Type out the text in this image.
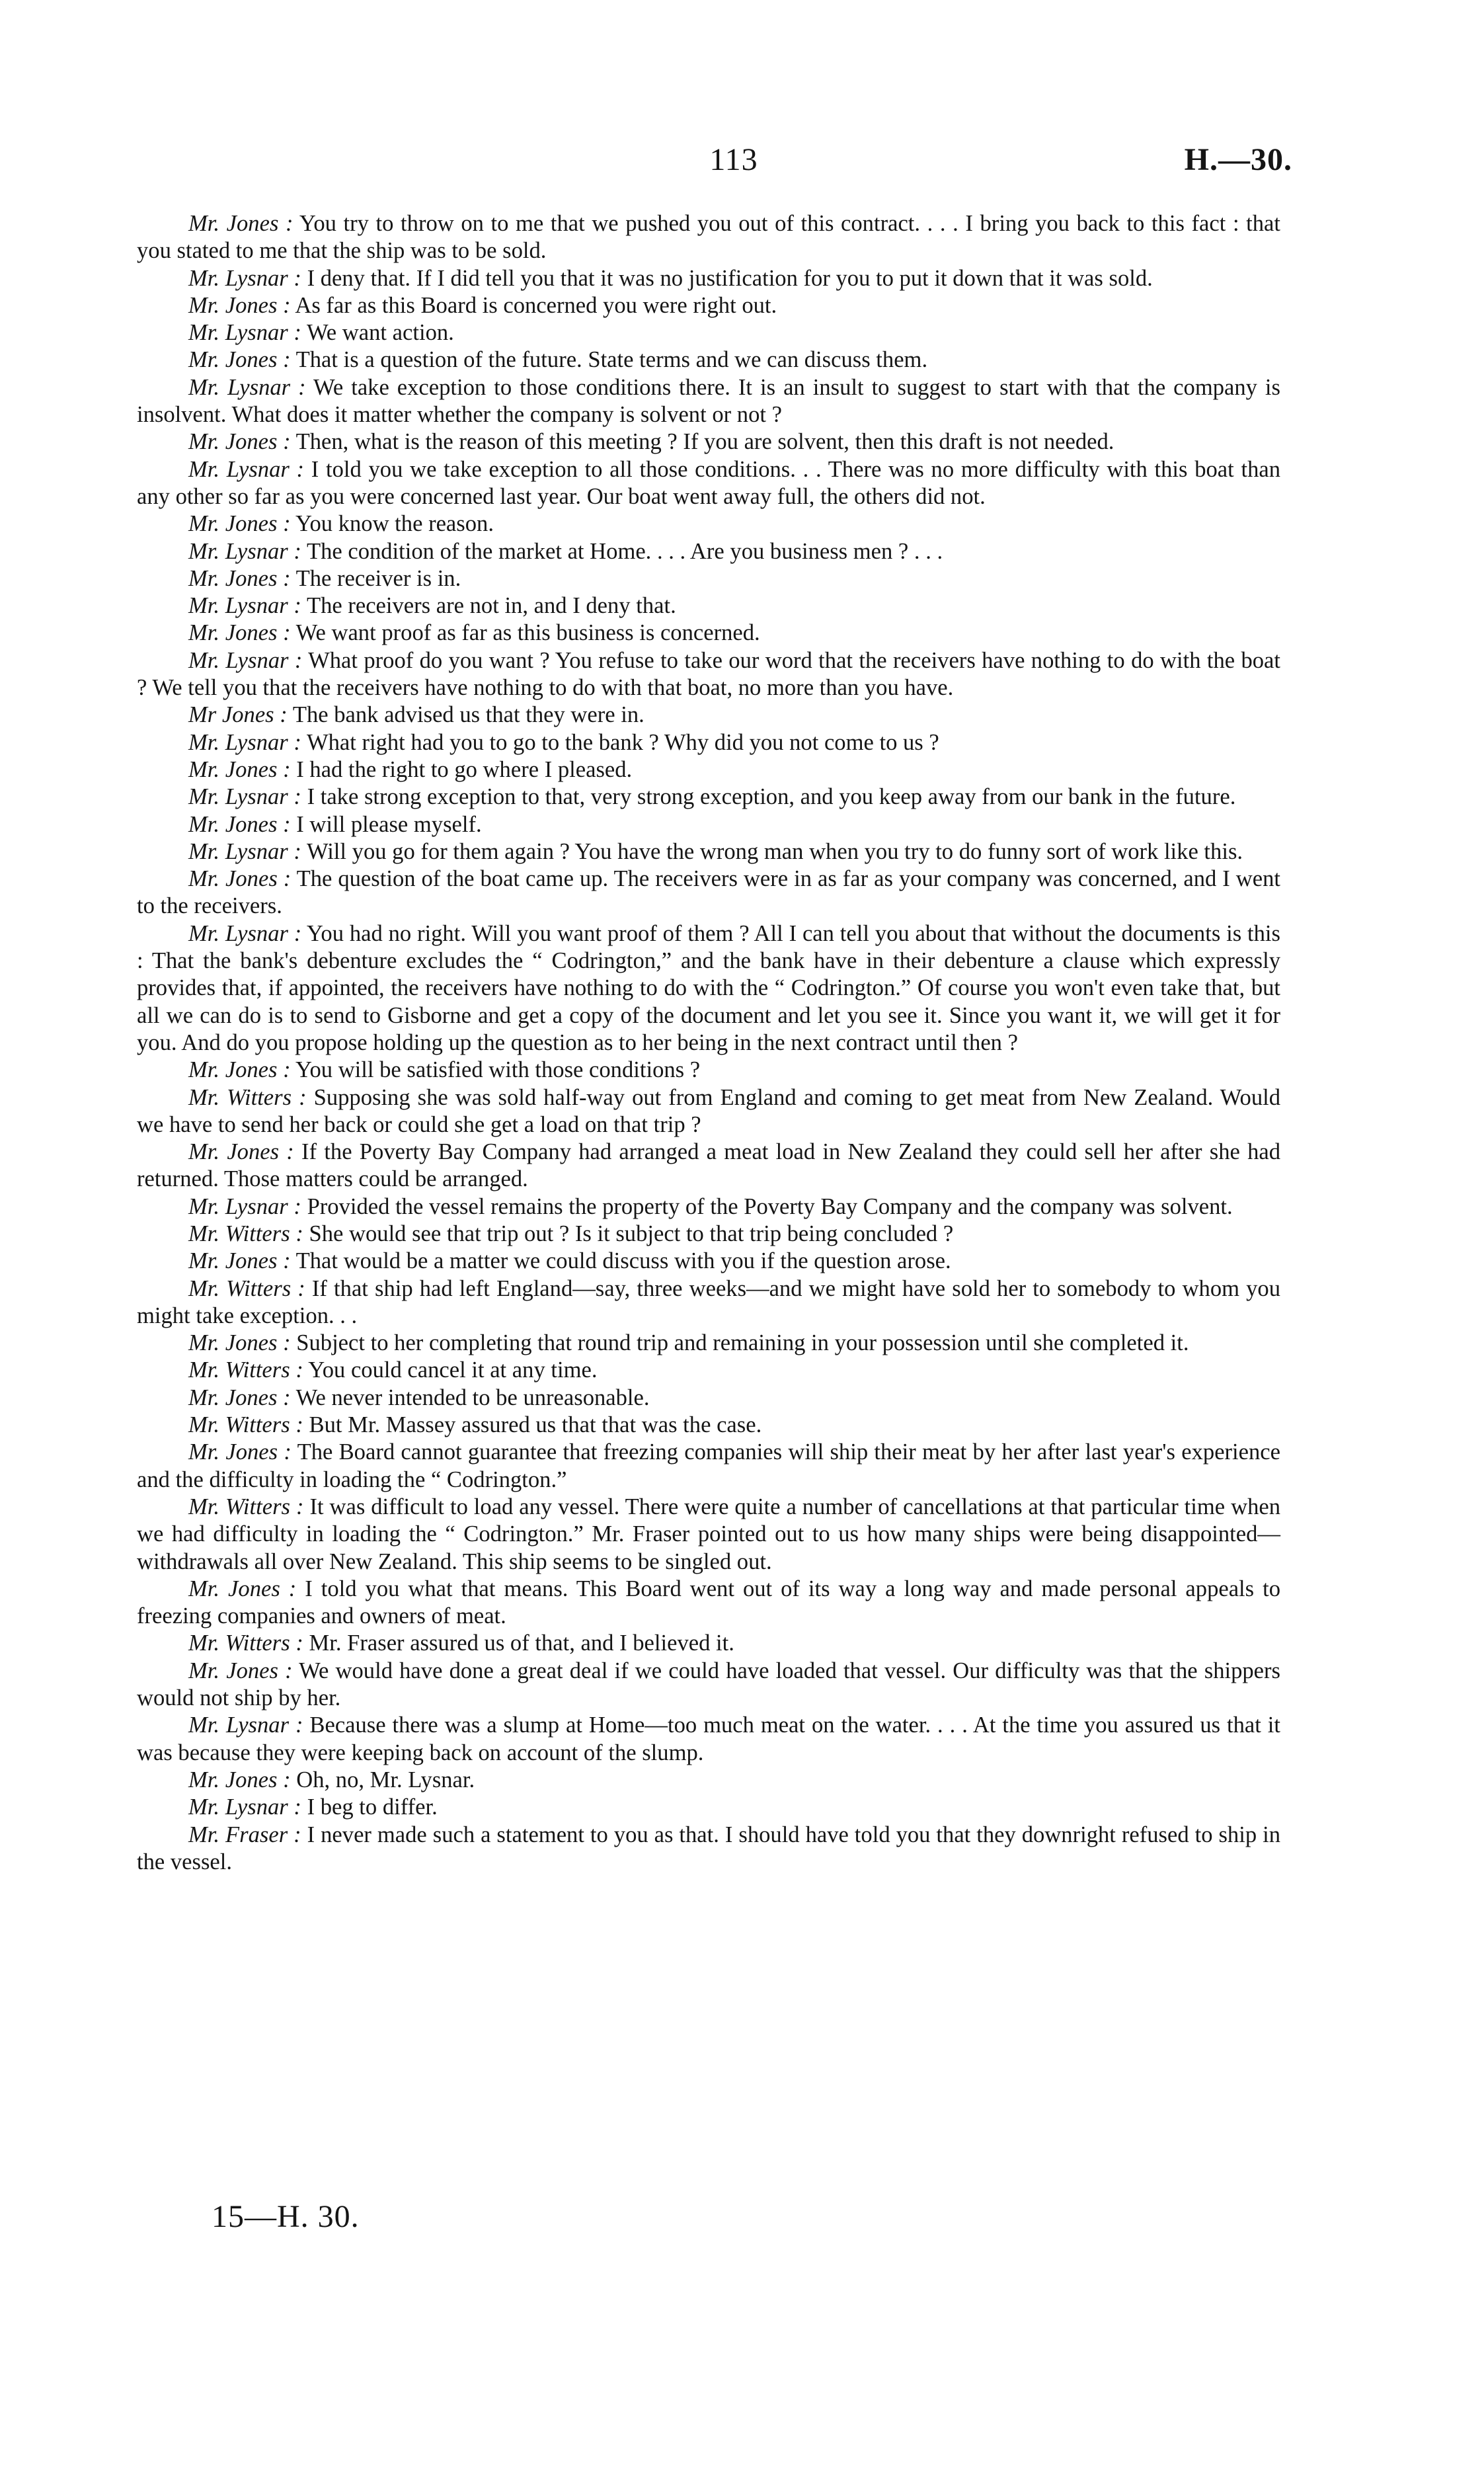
113	H.—30.

Mr. Jones : You try to throw on to me that we pushed you out of this contract. . . . I bring you back to this fact : that you stated to me that the ship was to be sold.

Mr. Lysnar : I deny that. If I did tell you that it was no justification for you to put it down that it was sold.

Mr. Jones : As far as this Board is concerned you were right out.

Mr. Lysnar : We want action.

Mr. Jones : That is a question of the future. State terms and we can discuss them.

Mr. Lysnar : We take exception to those conditions there. It is an insult to suggest to start with that the company is insolvent. What does it matter whether the company is solvent or not ?

Mr. Jones : Then, what is the reason of this meeting ? If you are solvent, then this draft is not needed.

Mr. Lysnar : I told you we take exception to all those conditions. . . There was no more difficulty with this boat than any other so far as you were concerned last year. Our boat went away full, the others did not.

Mr. Jones : You know the reason.

Mr. Lysnar : The condition of the market at Home. . . . Are you business men ? . . .

Mr. Jones : The receiver is in.

Mr. Lysnar : The receivers are not in, and I deny that.

Mr. Jones : We want proof as far as this business is concerned.

Mr. Lysnar : What proof do you want ? You refuse to take our word that the receivers have nothing to do with the boat ? We tell you that the receivers have nothing to do with that boat, no more than you have.

Mr Jones : The bank advised us that they were in.

Mr. Lysnar : What right had you to go to the bank ? Why did you not come to us ?

Mr. Jones : I had the right to go where I pleased.

Mr. Lysnar : I take strong exception to that, very strong exception, and you keep away from our bank in the future.

Mr. Jones : I will please myself.

Mr. Lysnar : Will you go for them again ? You have the wrong man when you try to do funny sort of work like this.

Mr. Jones : The question of the boat came up. The receivers were in as far as your company was concerned, and I went to the receivers.

Mr. Lysnar : You had no right. Will you want proof of them ? All I can tell you about that without the documents is this : That the bank's debenture excludes the “ Codrington,” and the bank have in their debenture a clause which expressly provides that, if appointed, the receivers have nothing to do with the “ Codrington.” Of course you won't even take that, but all we can do is to send to Gisborne and get a copy of the document and let you see it. Since you want it, we will get it for you. And do you propose holding up the question as to her being in the next contract until then ?

Mr. Jones : You will be satisfied with those conditions ?

Mr. Witters : Supposing she was sold half-way out from England and coming to get meat from New Zealand. Would we have to send her back or could she get a load on that trip ?

Mr. Jones : If the Poverty Bay Company had arranged a meat load in New Zealand they could sell her after she had returned. Those matters could be arranged.

Mr. Lysnar : Provided the vessel remains the property of the Poverty Bay Company and the company was solvent.

Mr. Witters : She would see that trip out ? Is it subject to that trip being concluded ?

Mr. Jones : That would be a matter we could discuss with you if the question arose.

Mr. Witters : If that ship had left England—say, three weeks—and we might have sold her to somebody to whom you might take exception. . .

Mr. Jones : Subject to her completing that round trip and remaining in your possession until she completed it.

Mr. Witters : You could cancel it at any time.

Mr. Jones : We never intended to be unreasonable.

Mr. Witters : But Mr. Massey assured us that that was the case.

Mr. Jones : The Board cannot guarantee that freezing companies will ship their meat by her after last year's experience and the difficulty in loading the “ Codrington.”

Mr. Witters : It was difficult to load any vessel. There were quite a number of cancellations at that particular time when we had difficulty in loading the “ Codrington.” Mr. Fraser pointed out to us how many ships were being disappointed—withdrawals all over New Zealand. This ship seems to be singled out.

Mr. Jones : I told you what that means. This Board went out of its way a long way and made personal appeals to freezing companies and owners of meat.

Mr. Witters : Mr. Fraser assured us of that, and I believed it.

Mr. Jones : We would have done a great deal if we could have loaded that vessel. Our difficulty was that the shippers would not ship by her.

Mr. Lysnar : Because there was a slump at Home—too much meat on the water. . . . At the time you assured us that it was because they were keeping back on account of the slump.

Mr. Jones : Oh, no, Mr. Lysnar.

Mr. Lysnar : I beg to differ.

Mr. Fraser : I never made such a statement to you as that. I should have told you that they downright refused to ship in the vessel.

15—H. 30.
